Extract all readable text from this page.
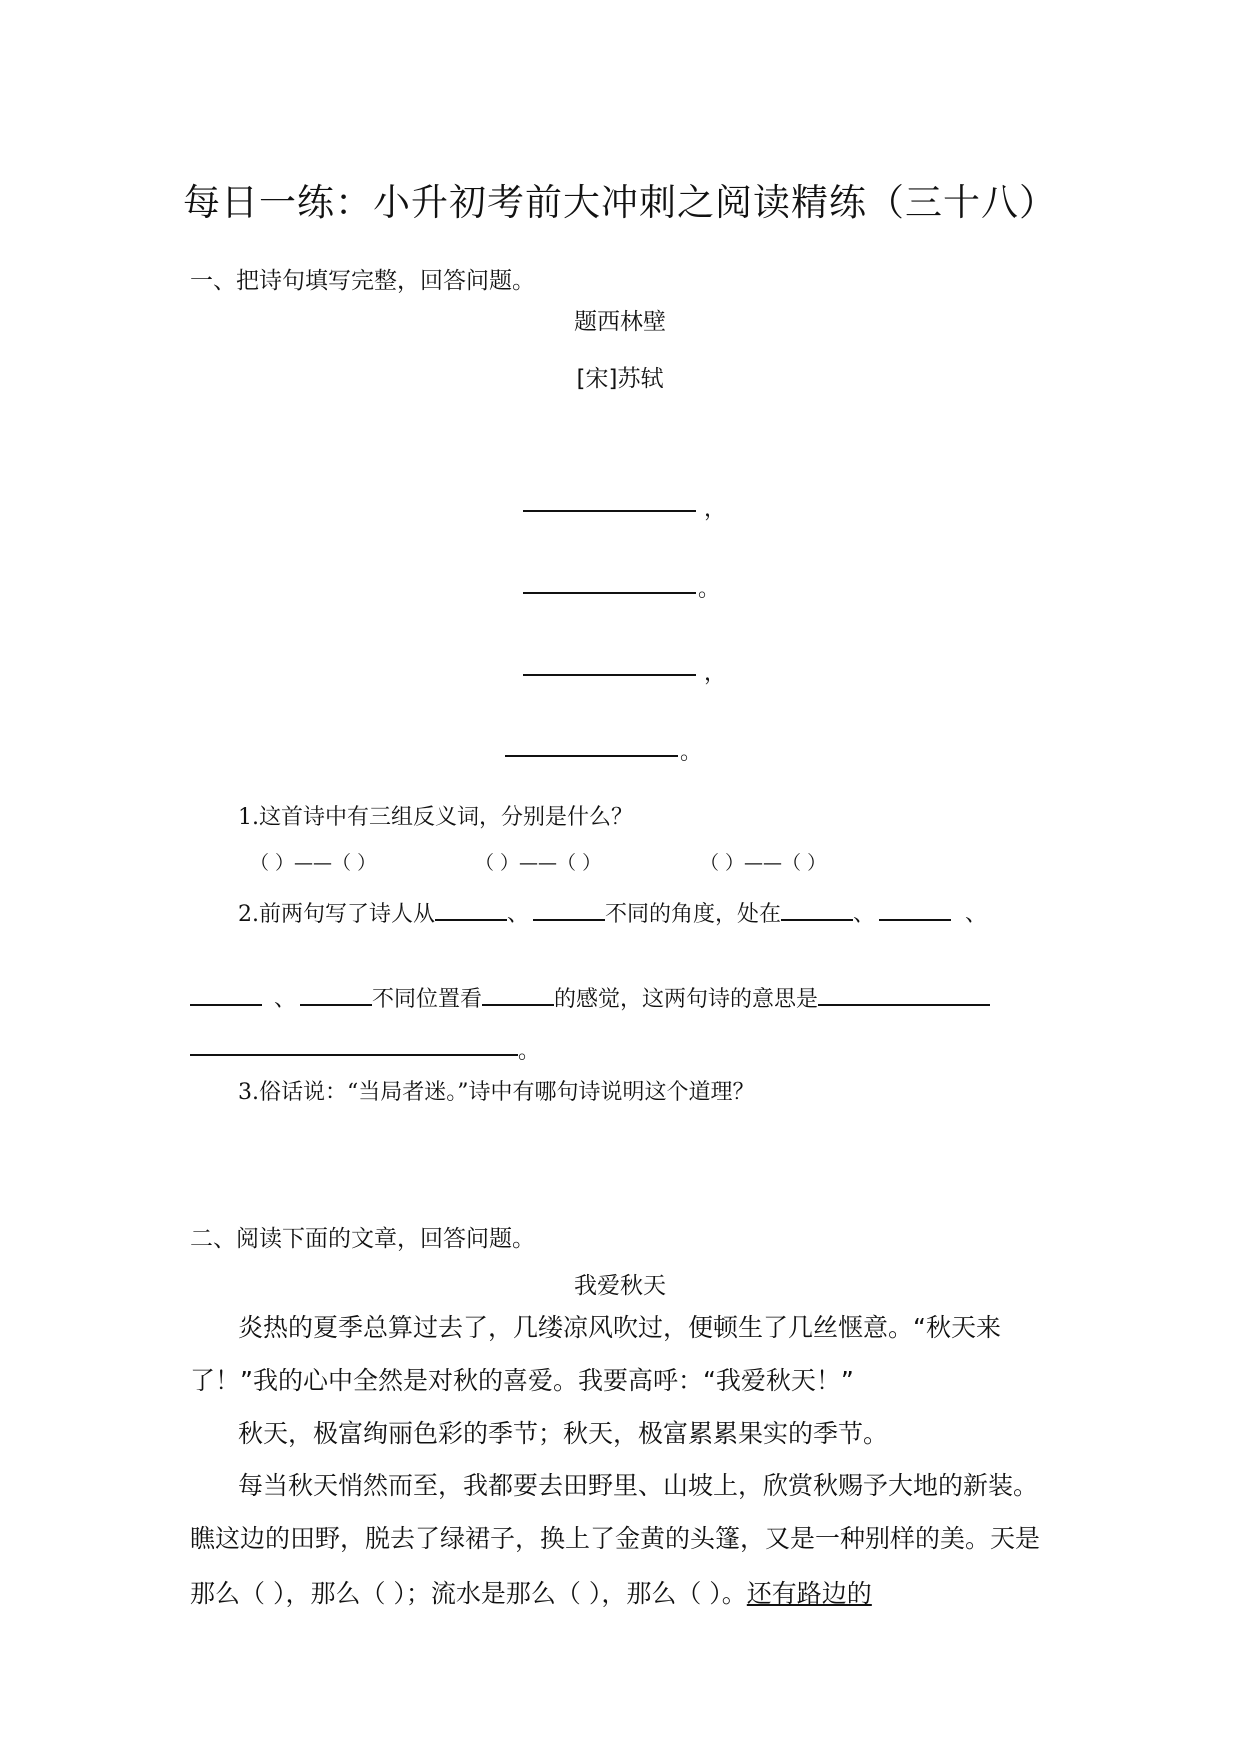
每日一练：小升初考前大冲刺之阅读精练（三十八）
一、把诗句填写完整，回答问题。
题西林壁
[宋]苏轼
，
。
，
。
1.这首诗中有三组反义词，分别是什么？
（ ）——（ ）	（ ）——（ ）	（ ）——（ ）
2.前两句写了诗人从	、	不同的角度，处在	、	、
、	不同位置看	的感觉，这两句诗的意思是
。
3.俗话说：“当局者迷。”诗中有哪句诗说明这个道理？
二、阅读下面的文章，回答问题。
我爱秋天
炎热的夏季总算过去了，几缕凉风吹过，便顿生了几丝惬意。“秋天来
了！”我的心中全然是对秋的喜爱。我要高呼：“我爱秋天！”
秋天，极富绚丽色彩的季节；秋天，极富累累果实的季节。
每当秋天悄然而至，我都要去田野里、山坡上，欣赏秋赐予大地的新装。
瞧这边的田野，脱去了绿裙子，换上了金黄的头篷，又是一种别样的美。天是
那么（ ），那么（ ）；流水是那么（ ），那么（ ）。还有路边的
